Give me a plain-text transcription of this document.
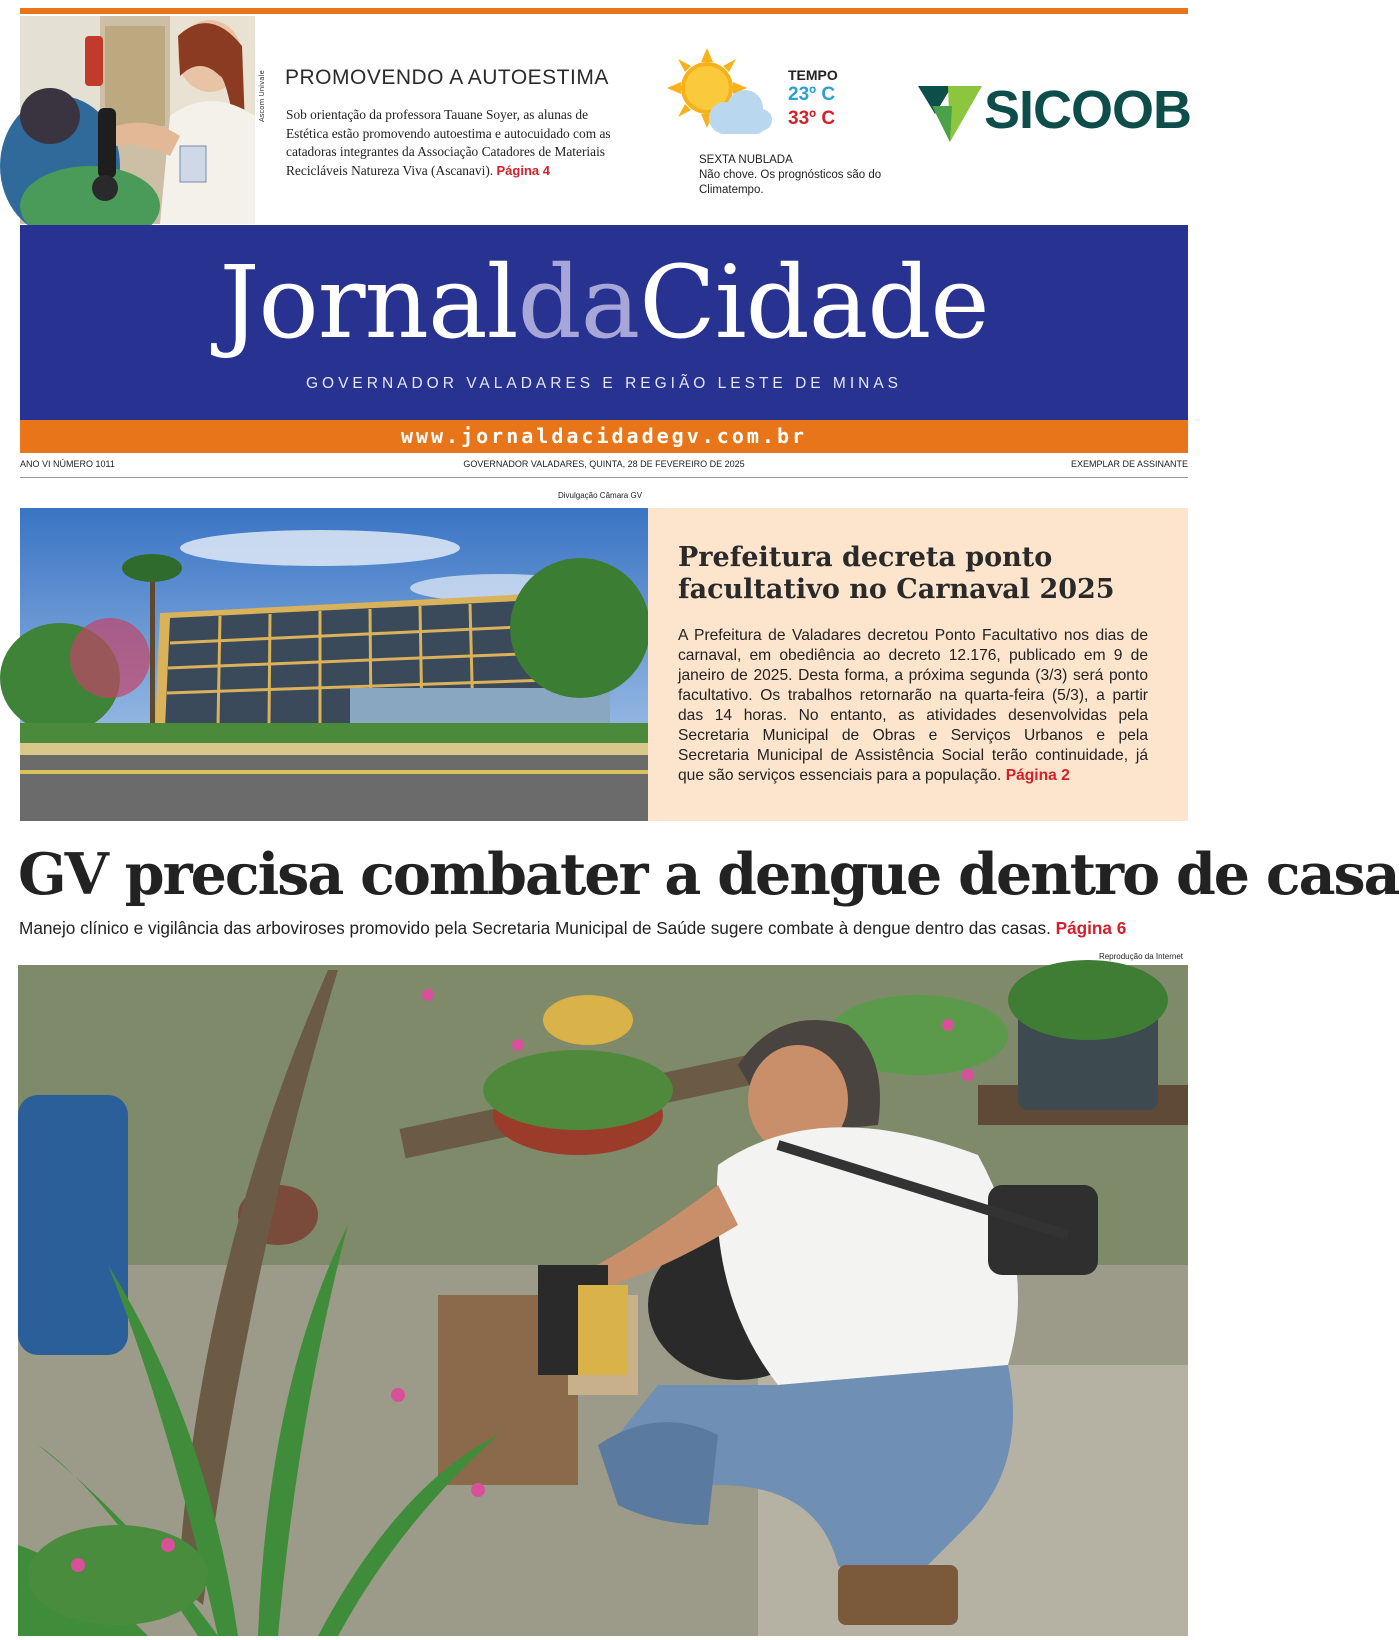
Ascom Univale PROMOVENDO A AUTOESTIMA
Sob orientação da professora Tauane Soyer, as alunas de Estética estão promovendo autoestima e autocuidado com as catadoras integrantes da Associação Catadores de Materiais Recicláveis Natureza Viva (Ascanavi). Página 4
TEMPO
23º C
33º C
SEXTA NUBLADA
Não chove. Os prognósticos são do Climatempo.
SICOOB
JornaldaCidade
GOVERNADOR VALADARES E REGIÃO LESTE DE MINAS
www.jornaldacidadegv.com.br
ANO VI NÚMERO 1011	GOVERNADOR VALADARES, QUINTA, 28 DE FEVEREIRO DE 2025	EXEMPLAR DE ASSINANTE
Divulgação Câmara GV
Prefeitura decreta ponto facultativo no Carnaval 2025
A Prefeitura de Valadares decretou Ponto Facultativo nos dias de carnaval, em obediência ao decreto 12.176, publicado em 9 de janeiro de 2025. Desta forma, a próxima segunda (3/3) será ponto facultativo. Os trabalhos retornarão na quarta-feira (5/3), a partir das 14 horas. No entanto, as atividades desenvolvidas pela Secretaria Municipal de Obras e Serviços Urbanos e pela Secretaria Municipal de Assistência Social terão continuidade, já que são serviços essenciais para a população. Página 2
GV precisa combater a dengue dentro de casa
Manejo clínico e vigilância das arboviroses promovido pela Secretaria Municipal de Saúde sugere combate à dengue dentro das casas. Página 6
Reprodução da Internet
